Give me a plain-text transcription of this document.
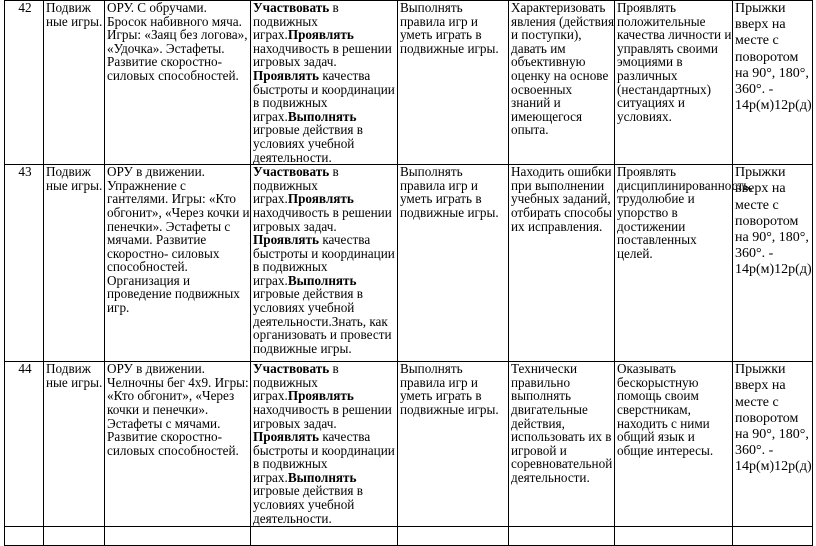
42	Подвиж ные игры.	ОРУ. С обручами. Бросок набивного мяча. Игры: «Заяц без логова», «Удочка». Эстафеты. Развитие скоростно-силовых способностей.	Участвовать в подвижных играх.Проявлять находчивость в решении игровых задач. Проявлять качества быстроты и координации в подвижных играх.Выполнять игровые действия в условиях учебной деятельности.	Выполнять правила игр и уметь играть в подвижные игры.	Характеризовать явления (действия и поступки), давать им объективную оценку на основе освоенных знаний и имеющегося опыта.	Проявлять положительные качества личности и управлять своими эмоциями в различных (нестандартных) ситуациях и условиях.	Прыжки вверх на месте с поворотом на 90°, 180°, 360°. - 14р(м)12р(д)
43	Подвиж ные игры.	ОРУ в движении. Упражнение с гантелями. Игры: «Кто обгонит», «Через кочки и пенечки». Эстафеты с мячами. Развитие скоростно- силовых способностей. Организация и проведение подвижных игр.	Участвовать в подвижных играх.Проявлять находчивость в решении игровых задач. Проявлять качества быстроты и координации в подвижных играх.Выполнять игровые действия в условиях учебной деятельности.Знать, как организовать и провести подвижные игры.	Выполнять правила игр и уметь играть в подвижные игры.	Находить ошибки при выполнении учебных заданий, отбирать способы их исправления.	Проявлять дисциплинированность, трудолюбие и упорство в достижении поставленных целей.	Прыжки вверх на месте с поворотом на 90°, 180°, 360°. - 14р(м)12р(д)
44	Подвиж ные игры.	ОРУ в движении. Челночны бег 4х9. Игры: «Кто обгонит», «Через кочки и пенечки». Эстафеты с мячами. Развитие скоростно-силовых способностей.	Участвовать в подвижных играх.Проявлять находчивость в решении игровых задач. Проявлять качества быстроты и координации в подвижных играх.Выполнять игровые действия в условиях учебной деятельности.	Выполнять правила игр и уметь играть в подвижные игры.	Технически правильно выполнять двигательные действия, использовать их в игровой и соревновательной деятельности.	Оказывать бескорыстную помощь своим сверстникам, находить с ними общий язык и общие интересы.	Прыжки вверх на месте с поворотом на 90°, 180°, 360°. - 14р(м)12р(д)
